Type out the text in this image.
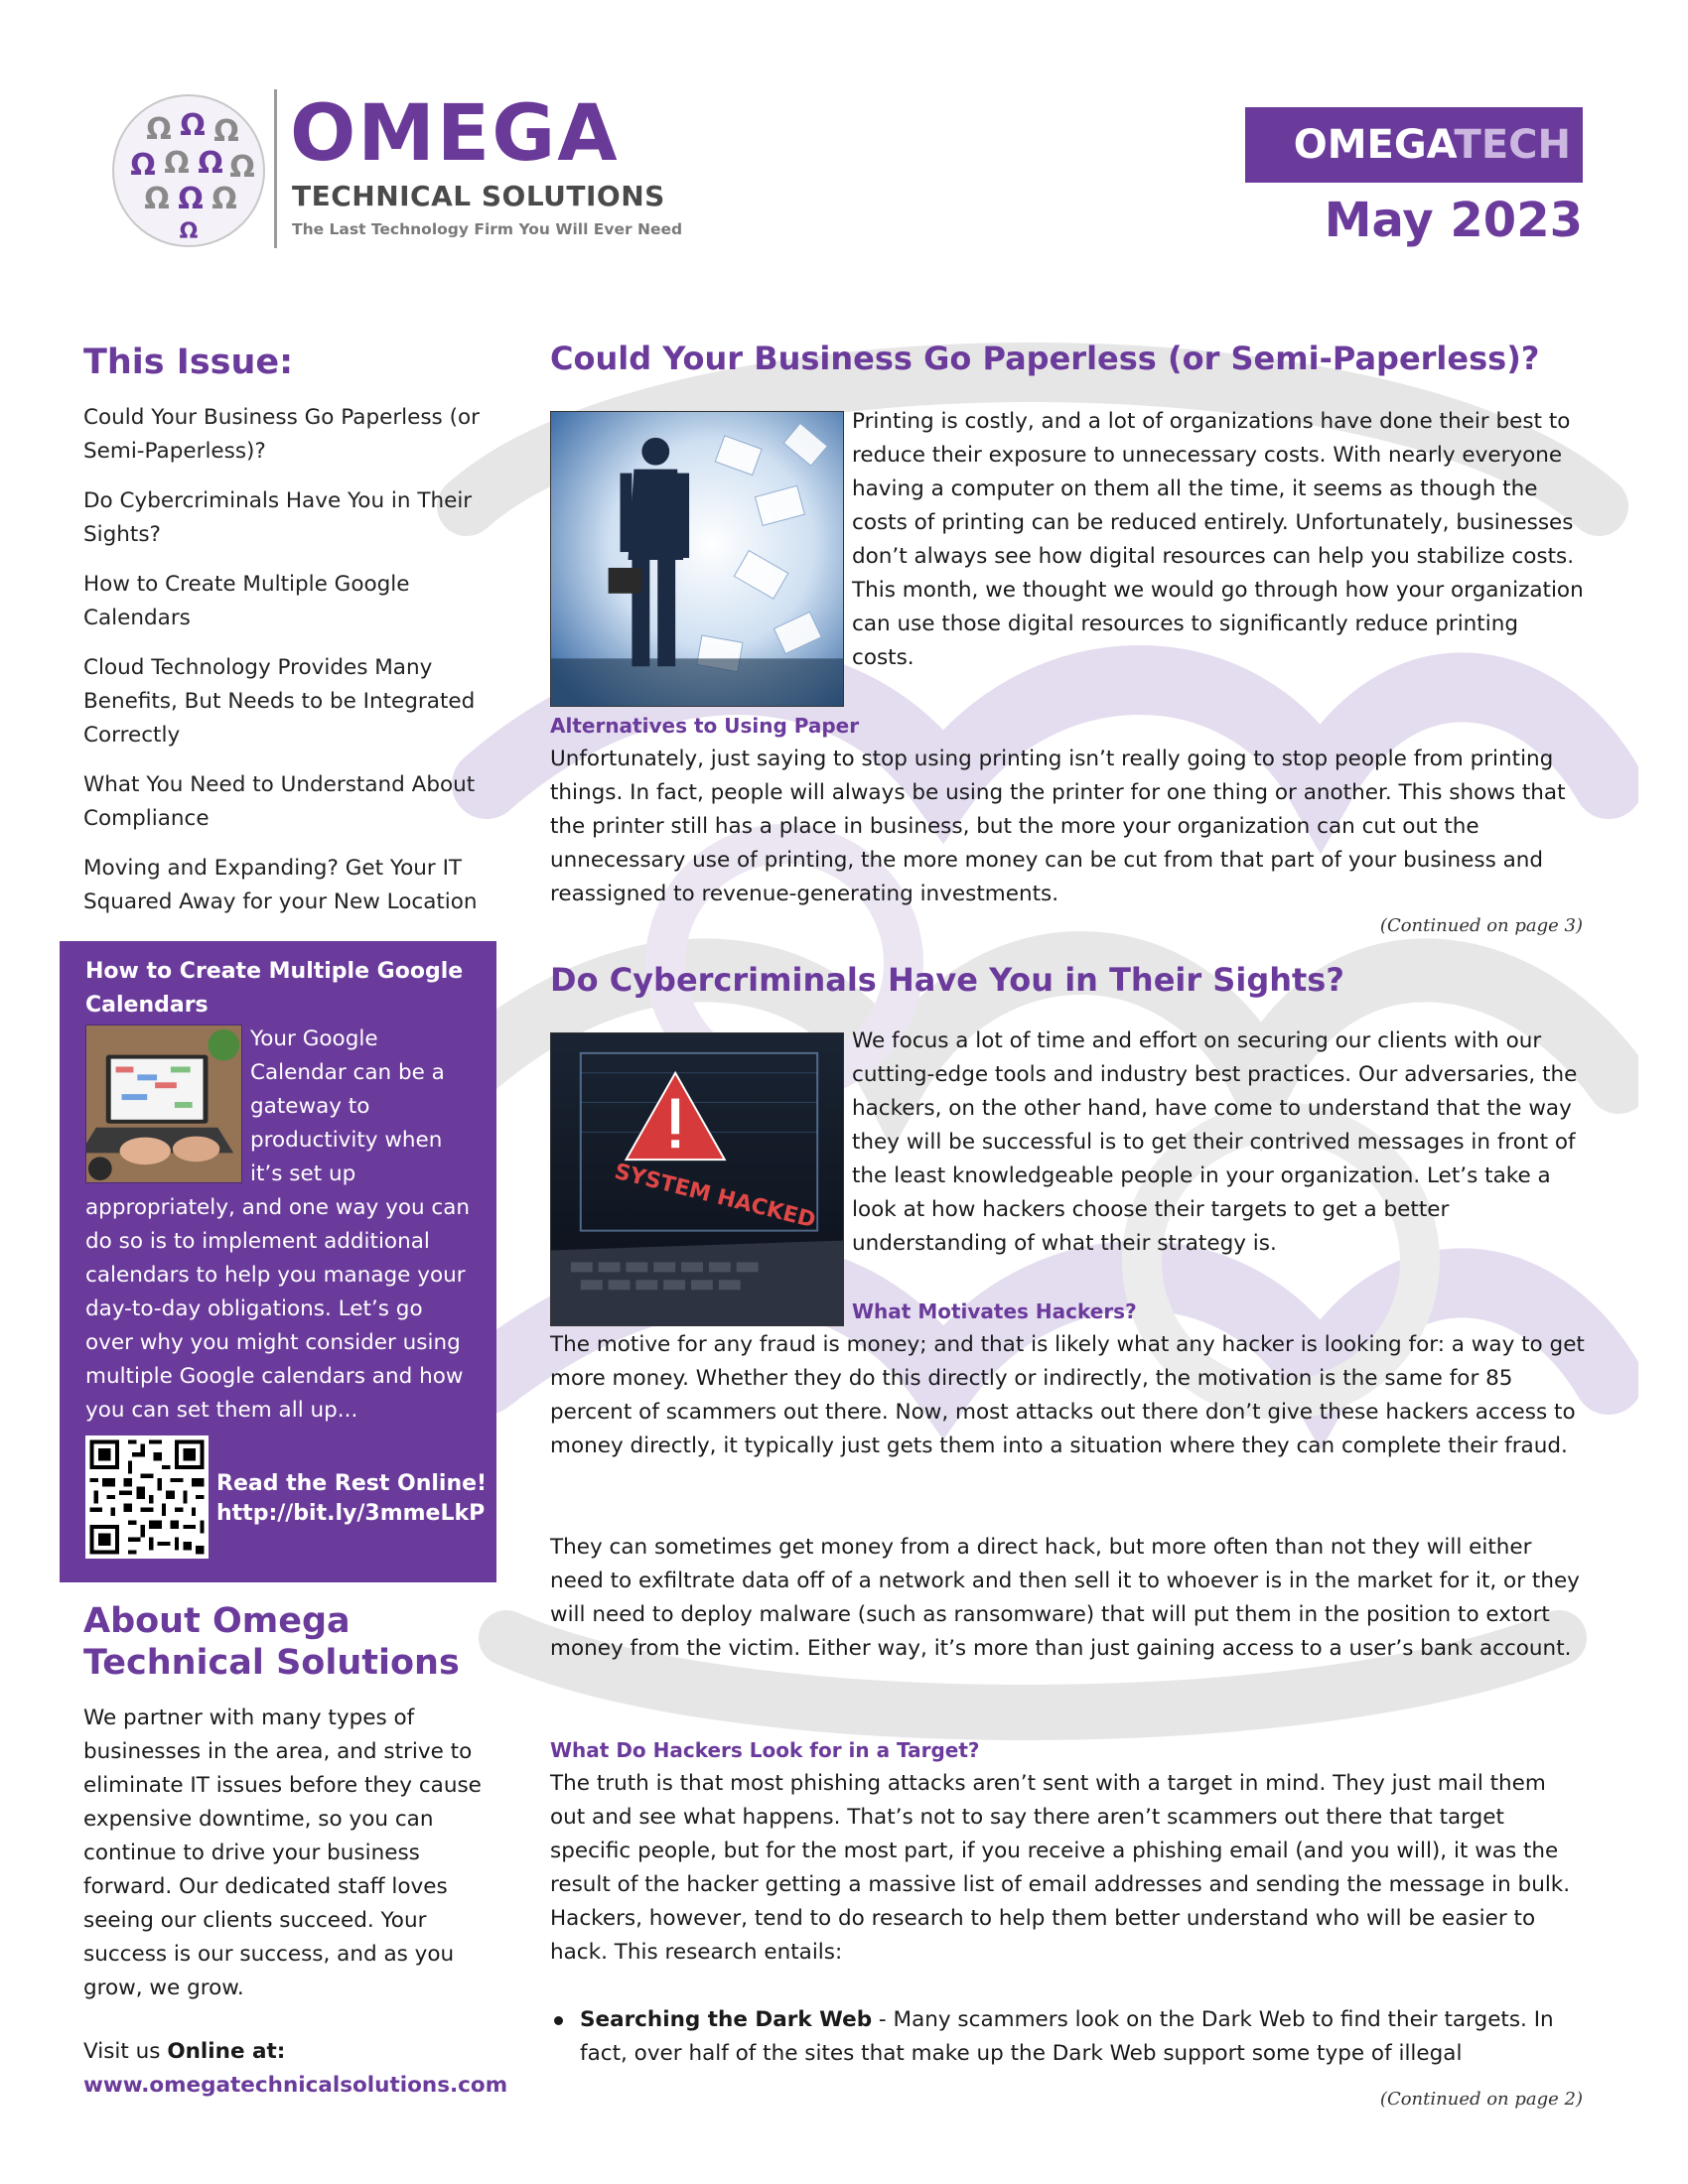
Ω Ω Ω
Ω Ω Ω Ω
Ω Ω Ω
Ω
OMEGA
TECHNICAL SOLUTIONS
The Last Technology Firm You Will Ever Need
OMEGATECH
May 2023
This Issue:
Could Your Business Go Paperless (or Semi-Paperless)?
Do Cybercriminals Have You in Their Sights?
How to Create Multiple Google Calendars
Cloud Technology Provides Many Benefits, But Needs to be Integrated Correctly
What You Need to Understand About Compliance
Moving and Expanding? Get Your IT Squared Away for your New Location
How to Create Multiple Google Calendars
Your Google Calendar can be a gateway to productivity when it’s set up appropriately, and one way you can do so is to implement additional calendars to help you manage your day-to-day obligations. Let’s go over why you might consider using multiple Google calendars and how you can set them all up...
Read the Rest Online!
http://bit.ly/3mmeLkP
About Omega
Technical Solutions
We partner with many types of businesses in the area, and strive to eliminate IT issues before they cause expensive downtime, so you can continue to drive your business forward. Our dedicated staff loves seeing our clients succeed. Your success is our success, and as you grow, we grow.
Visit us Online at:
www.omegatechnicalsolutions.com
Could Your Business Go Paperless (or Semi-Paperless)?
Printing is costly, and a lot of organizations have done their best to reduce their exposure to unnecessary costs. With nearly everyone having a computer on them all the time, it seems as though the costs of printing can be reduced entirely. Unfortunately, businesses don’t always see how digital resources can help you stabilize costs. This month, we thought we would go through how your organization can use those digital resources to significantly reduce printing costs.
Alternatives to Using Paper
Unfortunately, just saying to stop using printing isn’t really going to stop people from printing things. In fact, people will always be using the printer for one thing or another. This shows that the printer still has a place in business, but the more your organization can cut out the unnecessary use of printing, the more money can be cut from that part of your business and reassigned to revenue-generating investments.
(Continued on page 3)
Do Cybercriminals Have You in Their Sights?
SYSTEM HACKED
We focus a lot of time and effort on securing our clients with our cutting-edge tools and industry best practices. Our adversaries, the hackers, on the other hand, have come to understand that the way they will be successful is to get their contrived messages in front of the least knowledgeable people in your organization. Let’s take a look at how hackers choose their targets to get a better understanding of what their strategy is.
What Motivates Hackers?
The motive for any fraud is money; and that is likely what any hacker is looking for: a way to get more money. Whether they do this directly or indirectly, the motivation is the same for 85 percent of scammers out there. Now, most attacks out there don’t give these hackers access to money directly, it typically just gets them into a situation where they can complete their fraud.
They can sometimes get money from a direct hack, but more often than not they will either need to exfiltrate data off of a network and then sell it to whoever is in the market for it, or they will need to deploy malware (such as ransomware) that will put them in the position to extort money from the victim. Either way, it’s more than just gaining access to a user’s bank account.
What Do Hackers Look for in a Target?
The truth is that most phishing attacks aren’t sent with a target in mind. They just mail them out and see what happens. That’s not to say there aren’t scammers out there that target specific people, but for the most part, if you receive a phishing email (and you will), it was the result of the hacker getting a massive list of email addresses and sending the message in bulk. Hackers, however, tend to do research to help them better understand who will be easier to hack. This research entails:
Searching the Dark Web - Many scammers look on the Dark Web to find their targets. In fact, over half of the sites that make up the Dark Web support some type of illegal
(Continued on page 2)
